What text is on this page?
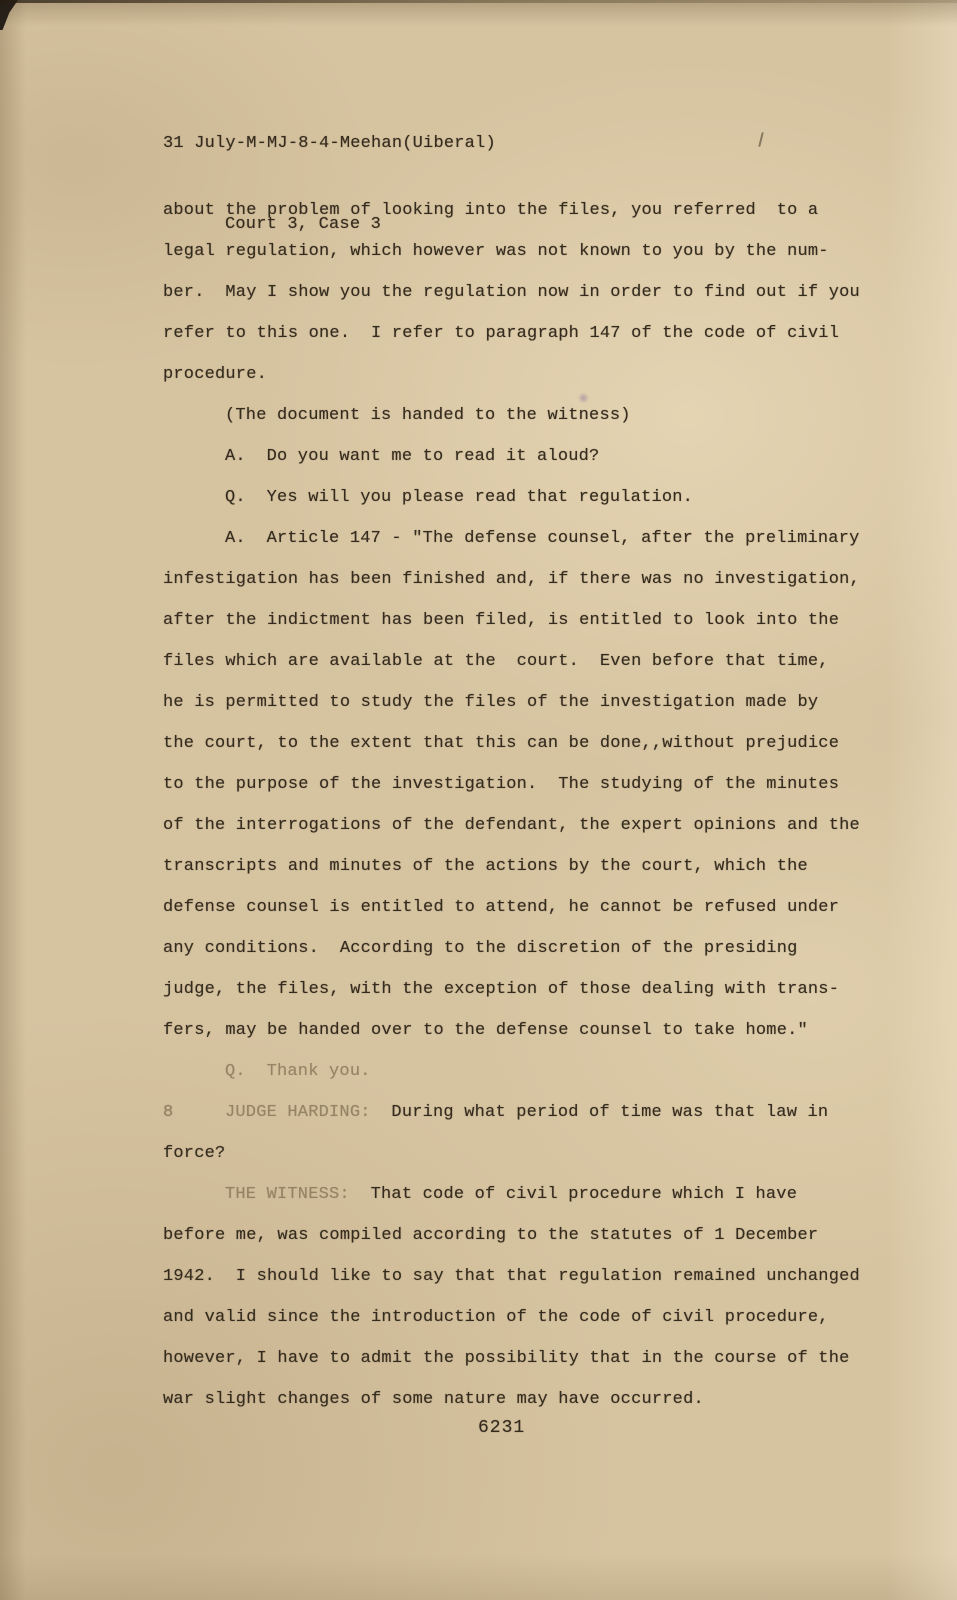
31 July-M-MJ-8-4-Meehan(Uiberal)

Court 3, Case 3

about the problem of looking into the files, you referred  to a
legal regulation, which however was not known to you by the num-
ber.  May I show you the regulation now in order to find out if you
refer to this one.  I refer to paragraph 147 of the code of civil
procedure.
(The document is handed to the witness)
A.  Do you want me to read it aloud?
Q.  Yes will you please read that regulation.
A.  Article 147 - "The defense counsel, after the preliminary
infestigation has been finished and, if there was no investigation,
after the indictment has been filed, is entitled to look into the
files which are available at the  court.  Even before that time,
he is permitted to study the files of the investigation made by
the court, to the extent that this can be done,,without prejudice
to the purpose of the investigation.  The studying of the minutes
of the interrogations of the defendant, the expert opinions and the
transcripts and minutes of the actions by the court, which the
defense counsel is entitled to attend, he cannot be refused under
any conditions.  According to the discretion of the presiding
judge, the files, with the exception of those dealing with trans-
fers, may be handed over to the defense counsel to take home."
Q.  Thank you.
8	JUDGE HARDING:  During what period of time was that law in
force?
THE WITNESS:  That code of civil procedure which I have
before me, was compiled according to the statutes of 1 December
1942.  I should like to say that that regulation remained unchanged
and valid since the introduction of the code of civil procedure,
however, I have to admit the possibility that in the course of the
war slight changes of some nature may have occurred.
6231
